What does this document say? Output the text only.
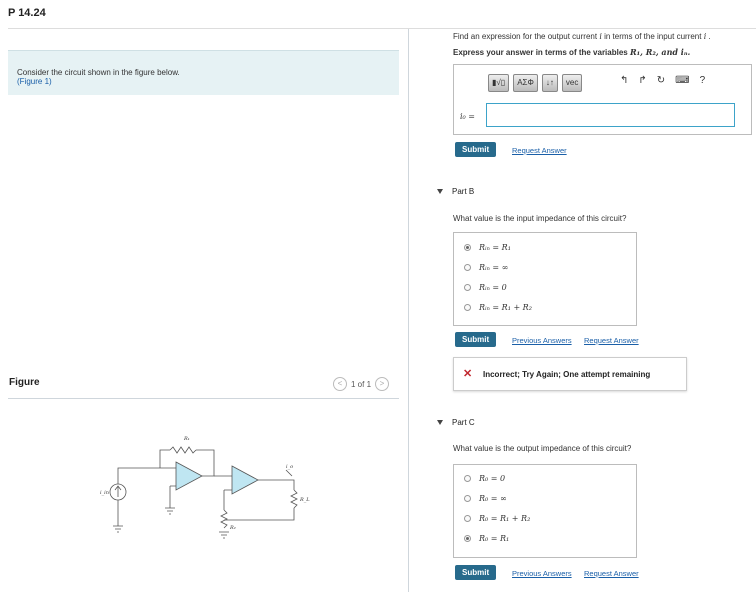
P 14.24
Consider the circuit shown in the figure below.
(Figure 1)
Figure	<	1 of 1	>
R₁
R₂
R_L
i_in
i_o
Find an expression for the output current i in terms of the input current i .
Express your answer in terms of the variables R₁, R₂, and iₙ.
▮√▯	ΑΣΦ	↓↑	vec	↰ ↱ ↻ ⌨ ?
i₀ =
Submit	Request Answer
Part B
What value is the input impedance of this circuit?
Rᵢₙ = R₁
Rᵢₙ = ∞
Rᵢₙ = 0
Rᵢₙ = R₁ + R₂
Submit	Previous Answers Request Answer
✕ Incorrect; Try Again; One attempt remaining
Part C
What value is the output impedance of this circuit?
R₀ = 0
R₀ = ∞
R₀ = R₁ + R₂
R₀ = R₁
Submit	Previous Answers Request Answer
